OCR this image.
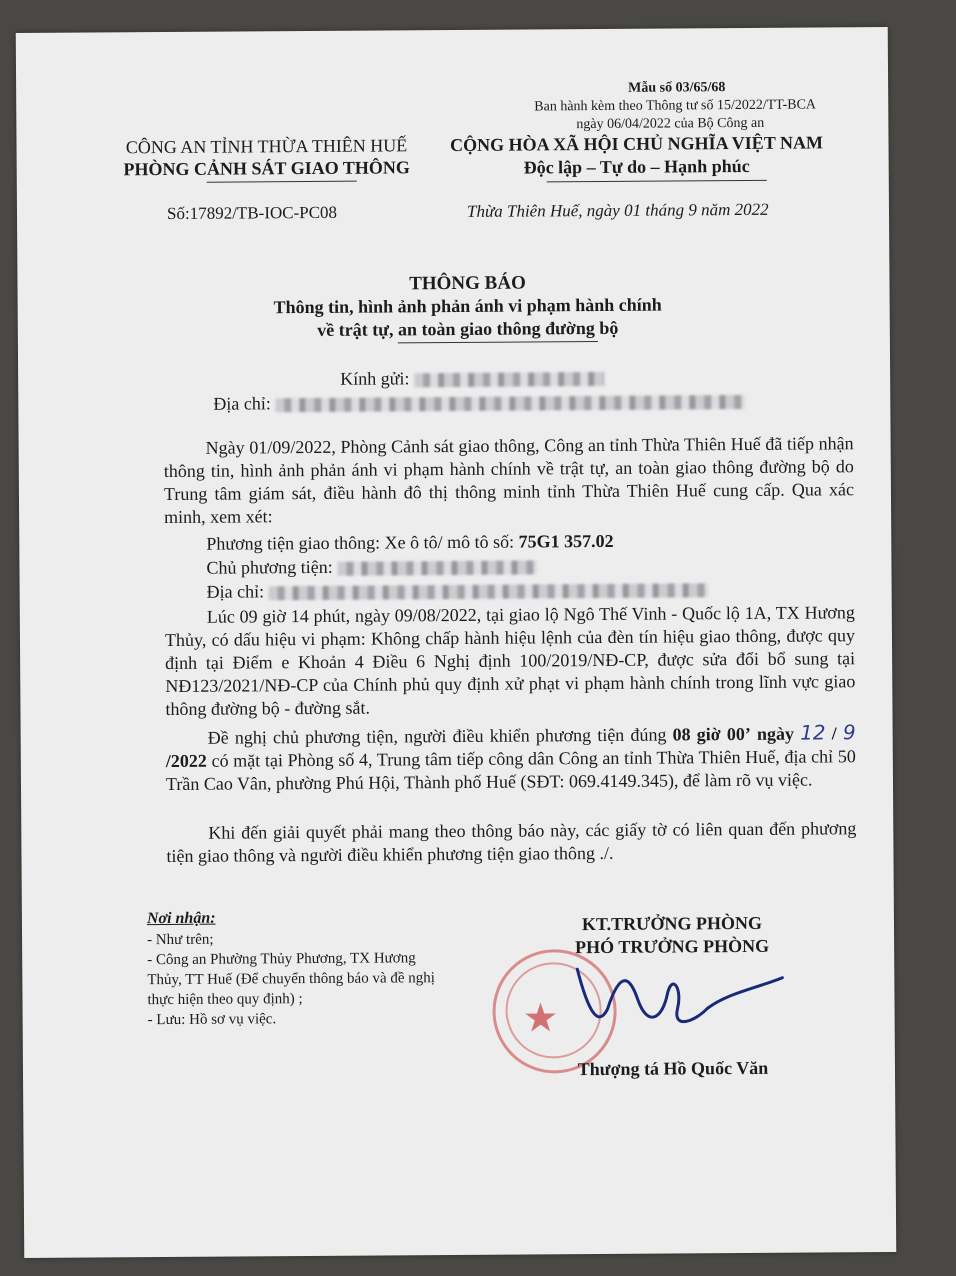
Mẫu số 03/65/68
Ban hành kèm theo Thông tư số 15/2022/TT-BCA
ngày 06/04/2022 của Bộ Công an
CÔNG AN TỈNH THỪA THIÊN HUẾ
PHÒNG CẢNH SÁT GIAO THÔNG
Số:17892/TB-IOC-PC08
CỘNG HÒA XÃ HỘI CHỦ NGHĨA VIỆT NAM
Độc lập – Tự do – Hạnh phúc
Thừa Thiên Huế, ngày 01 tháng 9 năm 2022
THÔNG BÁO
Thông tin, hình ảnh phản ánh vi phạm hành chính
về trật tự, an toàn giao thông đường bộ
Kính gửi:
Địa chỉ:
Ngày 01/09/2022, Phòng Cảnh sát giao thông, Công an tỉnh Thừa Thiên Huế đã tiếp nhận thông tin, hình ảnh phản ánh vi phạm hành chính về trật tự, an toàn giao thông đường bộ do Trung tâm giám sát, điều hành đô thị thông minh tỉnh Thừa Thiên Huế cung cấp. Qua xác minh, xem xét:
Phương tiện giao thông: Xe ô tô/ mô tô số: 75G1 357.02
Chủ phương tiện:
Địa chỉ:
Lúc 09 giờ 14 phút, ngày 09/08/2022, tại giao lộ Ngô Thế Vinh - Quốc lộ 1A, TX Hương Thủy, có dấu hiệu vi phạm: Không chấp hành hiệu lệnh của đèn tín hiệu giao thông, được quy định tại Điểm e Khoản 4 Điều 6 Nghị định 100/2019/NĐ-CP, được sửa đổi bổ sung tại NĐ123/2021/NĐ-CP của Chính phủ quy định xử phạt vi phạm hành chính trong lĩnh vực giao thông đường bộ - đường sắt.
Đề nghị chủ phương tiện, người điều khiển phương tiện đúng 08 giờ 00’ ngày 12 / 9 /2022 có mặt tại Phòng số 4, Trung tâm tiếp công dân Công an tỉnh Thừa Thiên Huế, địa chỉ 50 Trần Cao Vân, phường Phú Hội, Thành phố Huế (SĐT: 069.4149.345), để làm rõ vụ việc.
Khi đến giải quyết phải mang theo thông báo này, các giấy tờ có liên quan đến phương tiện giao thông và người điều khiển phương tiện giao thông ./.
Nơi nhận:
- Như trên;
- Công an Phường Thủy Phương, TX Hương
Thủy, TT Huế (Để chuyển thông báo và đề nghị
thực hiện theo quy định) ;
- Lưu: Hồ sơ vụ việc.	★
KT.TRƯỞNG PHÒNG
PHÓ TRƯỞNG PHÒNG
Thượng tá Hồ Quốc Văn
